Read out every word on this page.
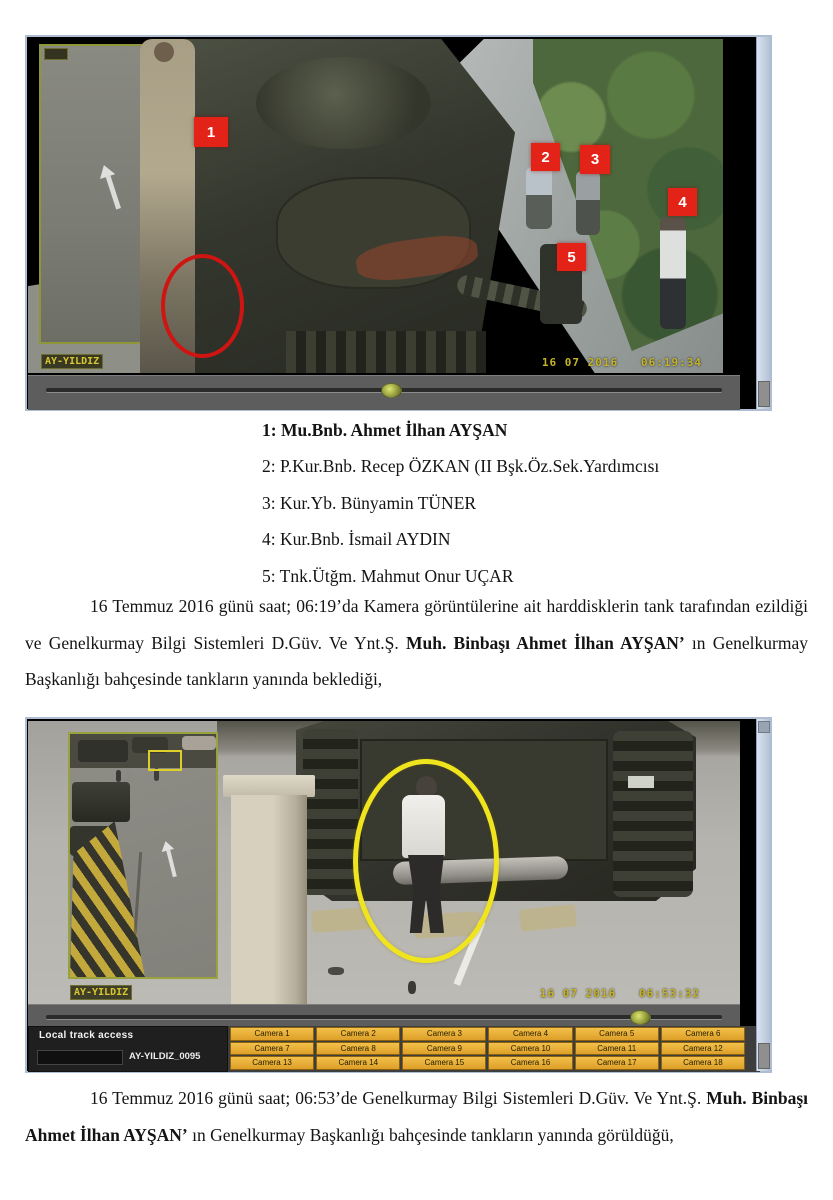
1
2	3
4
5
AY-YILDIZ	16 07 2016   06:19:34
1: Mu.Bnb. Ahmet İlhan AYŞAN
2: P.Kur.Bnb. Recep ÖZKAN (II Bşk.Öz.Sek.Yardımcısı
3: Kur.Yb. Bünyamin TÜNER
4: Kur.Bnb. İsmail AYDIN
5: Tnk.Ütğm. Mahmut Onur UÇAR

16 Temmuz 2016 günü saat; 06:19’da Kamera görüntülerine ait harddisklerin tank tarafından ezildiği ve Genelkurmay Bilgi Sistemleri D.Güv. Ve Ynt.Ş. Muh. Binbaşı Ahmet İlhan AYŞAN’ ın Genelkurmay Başkanlığı bahçesinde tankların yanında beklediği,

AY-YILDIZ	16 07 2016   06:53:32
Local track access
AY-YILDIZ_0095
Camera 1	Camera 2	Camera 3	Camera 4	Camera 5	Camera 6
Camera 7	Camera 8	Camera 9	Camera 10	Camera 11	Camera 12
Camera 13	Camera 14	Camera 15	Camera 16	Camera 17	Camera 18

16 Temmuz 2016 günü saat; 06:53’de Genelkurmay Bilgi Sistemleri D.Güv. Ve Ynt.Ş. Muh. Binbaşı Ahmet İlhan AYŞAN’ ın Genelkurmay Başkanlığı bahçesinde tankların yanında görüldüğü,
